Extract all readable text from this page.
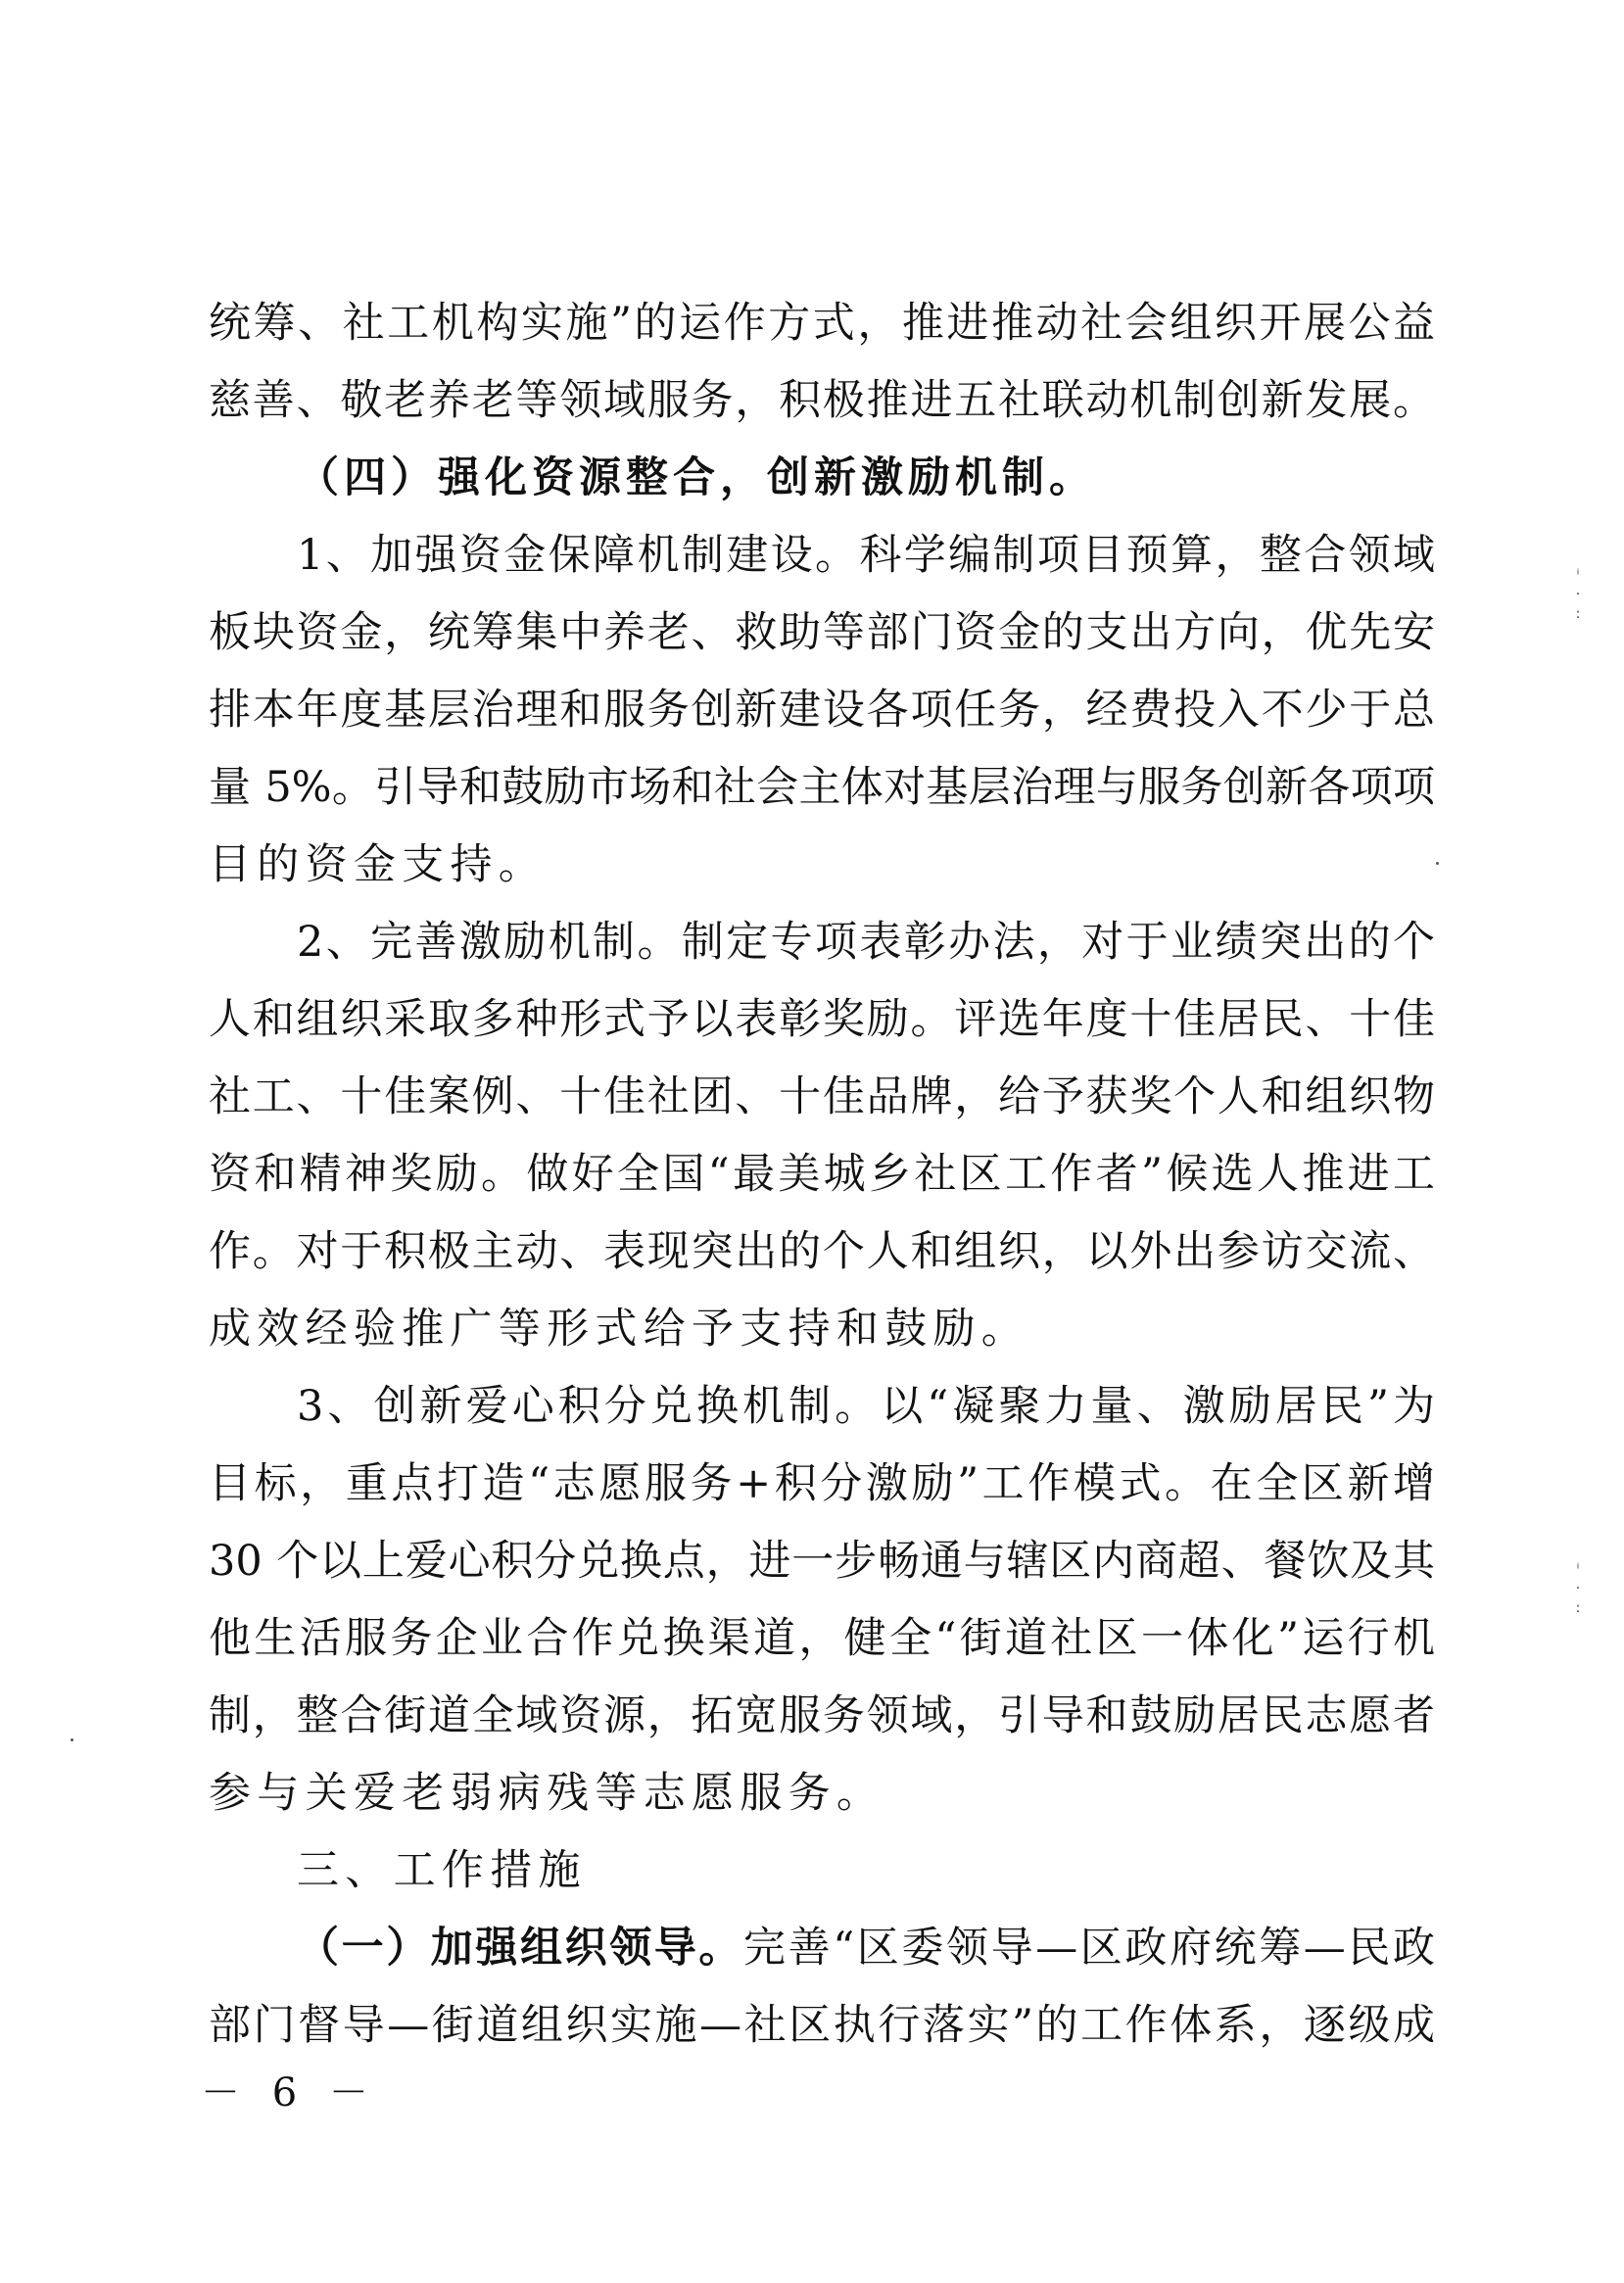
统筹、社工机构实施”的运作方式，推进推动社会组织开展公益
慈善、敬老养老等领域服务，积极推进五社联动机制创新发展。
（四）强化资源整合，创新激励机制。
1、加强资金保障机制建设。科学编制项目预算，整合领域
板块资金，统筹集中养老、救助等部门资金的支出方向，优先安
排本年度基层治理和服务创新建设各项任务，经费投入不少于总
量 5%。引导和鼓励市场和社会主体对基层治理与服务创新各项项
目的资金支持。
2、完善激励机制。制定专项表彰办法，对于业绩突出的个
人和组织采取多种形式予以表彰奖励。评选年度十佳居民、十佳
社工、十佳案例、十佳社团、十佳品牌，给予获奖个人和组织物
资和精神奖励。做好全国“最美城乡社区工作者”候选人推进工
作。对于积极主动、表现突出的个人和组织，以外出参访交流、
成效经验推广等形式给予支持和鼓励。
3、创新爱心积分兑换机制。以“凝聚力量、激励居民”为
目标，重点打造“志愿服务+积分激励”工作模式。在全区新增
30 个以上爱心积分兑换点，进一步畅通与辖区内商超、餐饮及其
他生活服务企业合作兑换渠道，健全“街道社区一体化”运行机
制，整合街道全域资源，拓宽服务领域，引导和鼓励居民志愿者
参与关爱老弱病残等志愿服务。
三、工作措施
（一）加强组织领导。完善“区委领导—区政府统筹—民政
部门督导—街道组织实施—社区执行落实”的工作体系，逐级成
－ 6 －
ⁱ
·
:
ⁱ
·
:
